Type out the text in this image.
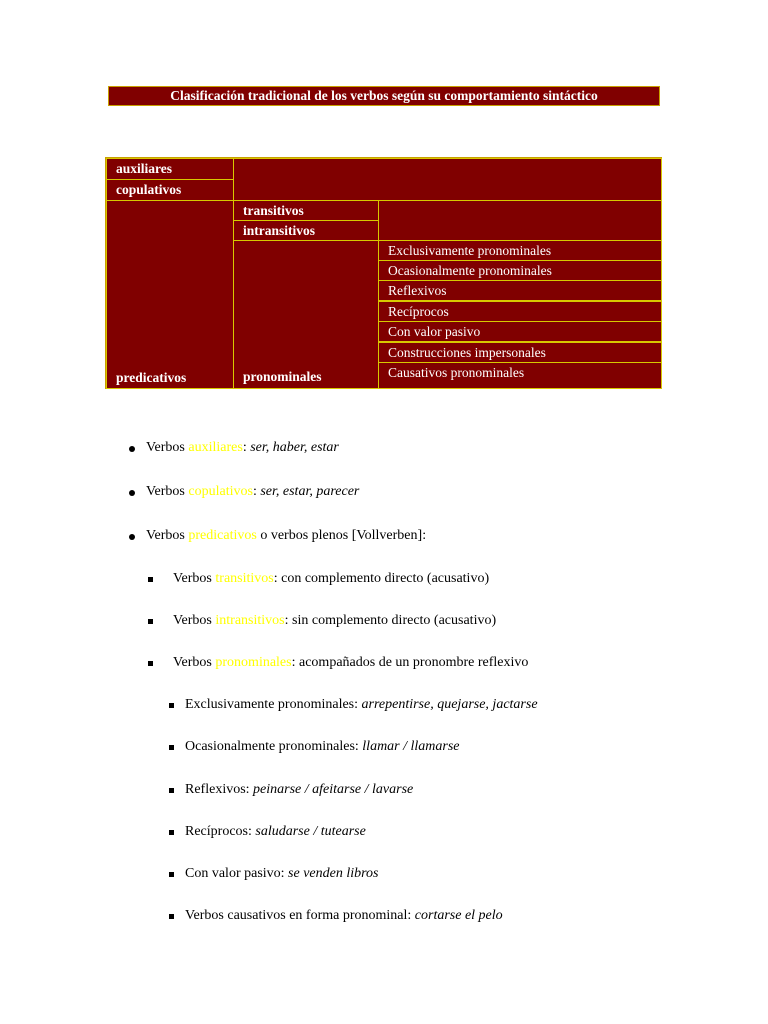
Clasificación tradicional de los verbos según su comportamiento sintáctico
auxiliares
copulativos
predicativos
transitivos
intransitivos
pronominales
Exclusivamente pronominales
Ocasionalmente pronominales
Reflexivos
Recíprocos
Con valor pasivo
Construcciones impersonales
Causativos pronominales
Verbos auxiliares: ser, haber, estar
Verbos copulativos: ser, estar, parecer
Verbos predicativos o verbos plenos [Vollverben]:
Verbos transitivos: con complemento directo (acusativo)
Verbos intransitivos: sin complemento directo (acusativo)
Verbos pronominales: acompañados de un pronombre reflexivo
Exclusivamente pronominales: arrepentirse, quejarse, jactarse
Ocasionalmente pronominales: llamar / llamarse
Reflexivos: peinarse / afeitarse / lavarse
Recíprocos: saludarse / tutearse
Con valor pasivo: se venden libros
Verbos causativos en forma pronominal: cortarse el pelo
